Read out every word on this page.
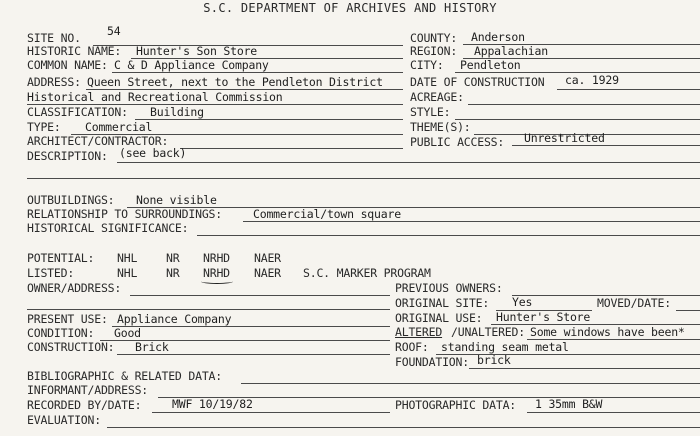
S.C. DEPARTMENT OF ARCHIVES AND HISTORY
SITE NO. 54	COUNTY: Anderson
HISTORIC NAME: Hunter's Son Store	REGION: Appalachian
COMMON NAME: C & D Appliance Company	CITY: Pendleton
ADDRESS: Queen Street, next to the Pendleton District DATE OF CONSTRUCTION ca. 1929
Historical and Recreational Commission	ACREAGE:
CLASSIFICATION: Building	STYLE:
TYPE: Commercial	THEME(S):
ARCHITECT/CONTRACTOR:	PUBLIC ACCESS: Unrestricted
DESCRIPTION: (see back)
OUTBUILDINGS: None visible
RELATIONSHIP TO SURROUNDINGS:	Commercial/town square
HISTORICAL SIGNIFICANCE:
POTENTIAL: NHL	NR NRHD NAER
LISTED:	NHL	NR NRHD NAER S.C. MARKER PROGRAM
OWNER/ADDRESS:	PREVIOUS OWNERS:
ORIGINAL SITE: Yes	MOVED/DATE:
PRESENT USE: Appliance Company	ORIGINAL USE: Hunter's Store
CONDITION: Good	ALTERED /UNALTERED: Some windows have been*
CONSTRUCTION: Brick	ROOF: standing seam metal
FOUNDATION: brick
BIBLIOGRAPHIC & RELATED DATA:
INFORMANT/ADDRESS:
RECORDED BY/DATE:	MWF 10/19/82	PHOTOGRAPHIC DATA: 1 35mm B&W
EVALUATION:
